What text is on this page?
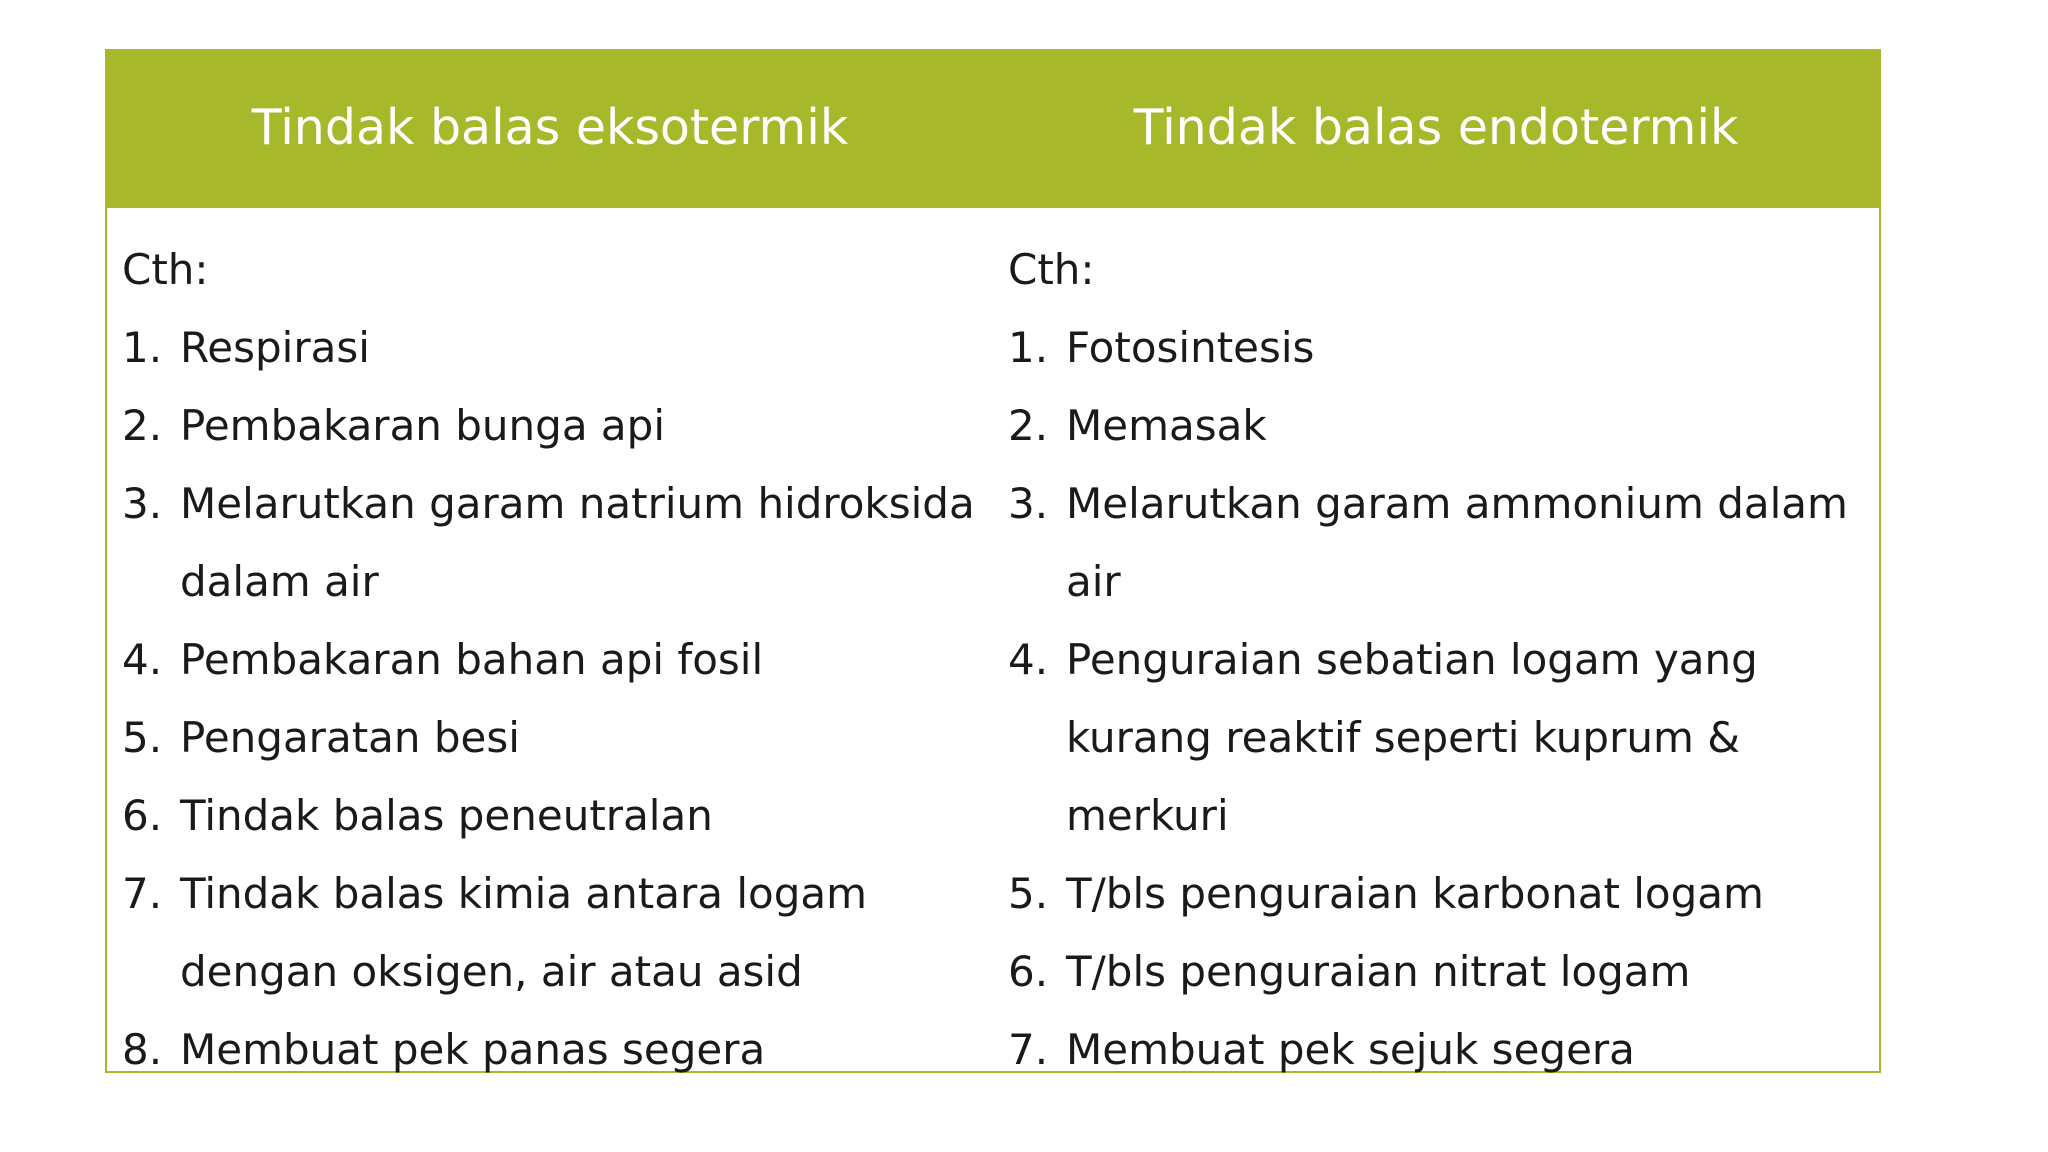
Tindak balas eksotermik	Tindak balas endotermik

Cth:

1. Respirasi
2. Pembakaran bunga api
3. Melarutkan garam natrium hidroksida dalam air
4. Pembakaran bahan api fosil
5. Pengaratan besi
6. Tindak balas peneutralan
7. Tindak balas kimia antara logam dengan oksigen, air atau asid
8. Membuat pek panas segera

Cth:

1. Fotosintesis
2. Memasak
3. Melarutkan garam ammonium dalam air
4. Penguraian sebatian logam yang kurang reaktif seperti kuprum & merkuri
5. T/bls penguraian karbonat logam
6. T/bls penguraian nitrat logam
7. Membuat pek sejuk segera
